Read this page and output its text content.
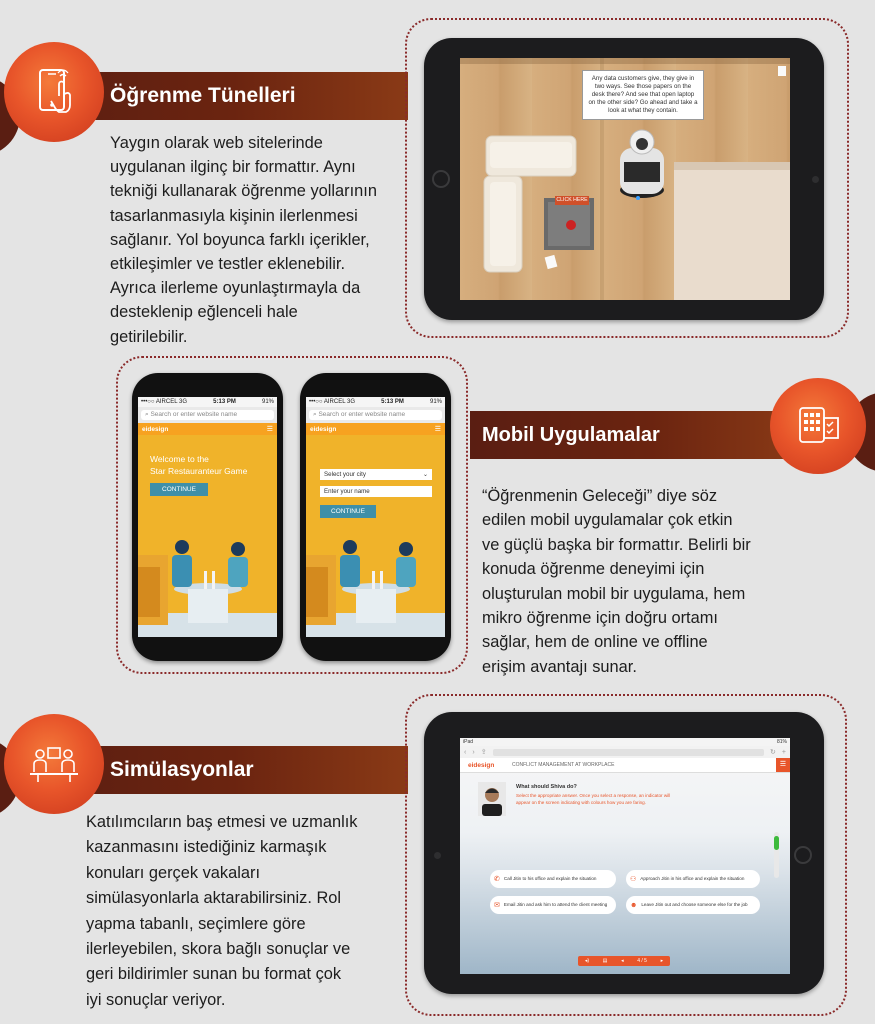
Öğrenme Tünelleri
Yaygın olarak web sitelerinde
uygulanan ilginç bir formattır. Aynı
tekniği kullanarak öğrenme yollarının
tasarlanmasıyla kişinin ilerlenmesi
sağlanır. Yol boyunca farklı içerikler,
etkileşimler ve testler eklenebilir.
Ayrıca ilerleme oyunlaştırmayla da
desteklenip eğlenceli hale
getirilebilir.
Any data customers give, they give in two ways. See those papers on the desk there? And see that open laptop on the other side? Go ahead and take a look at what they contain.
CLICK HERE
•••○○ AIRCEL 3G	5:13 PM	91%
⌕ Search or enter website name
eidesign	☰
Welcome to the
Star Restauranteur Game
CONTINUE
•••○○ AIRCEL 3G	5:13 PM	91%
⌕ Search or enter website name
eidesign	☰
Select your city	⌄
Enter your name
CONTINUE
Mobil Uygulamalar
“Öğrenmenin Geleceği” diye söz
edilen mobil uygulamalar çok etkin
ve güçlü başka bir formattır. Belirli bir
konuda öğrenme deneyimi için
oluşturulan mobil bir uygulama, hem
mikro öğrenme için doğru ortamı
sağlar, hem de online ve offline
erişim avantajı sunar.
Simülasyonlar
Katılımcıların baş etmesi ve uzmanlık
kazanmasını istediğiniz karmaşık
konuları gerçek vakaları
simülasyonlarla aktarabilirsiniz. Rol
yapma tabanlı, seçimlere göre
ilerleyebilen, skora bağlı sonuçlar ve
geri bildirimler sunan bu format çok
iyi sonuçlar veriyor.
iPad	81%
‹ › ⇪	↻ +
eidesign	CONFLICT MANAGEMENT AT WORKPLACE	☰
What should Shiva do?
Select the appropriate answer. Once you select a response, an indicator will appear on the screen indicating with colours how you are faring.
✆ Call Jitin to his office and explain the situation	⚇ Approach Jitin in his office and explain the situation
✉ Email Jitin and ask him to attend the client meeting	☻ Leave Jitin out and choose someone else for the job
◂)	▤	◂	4 / 5	▸
